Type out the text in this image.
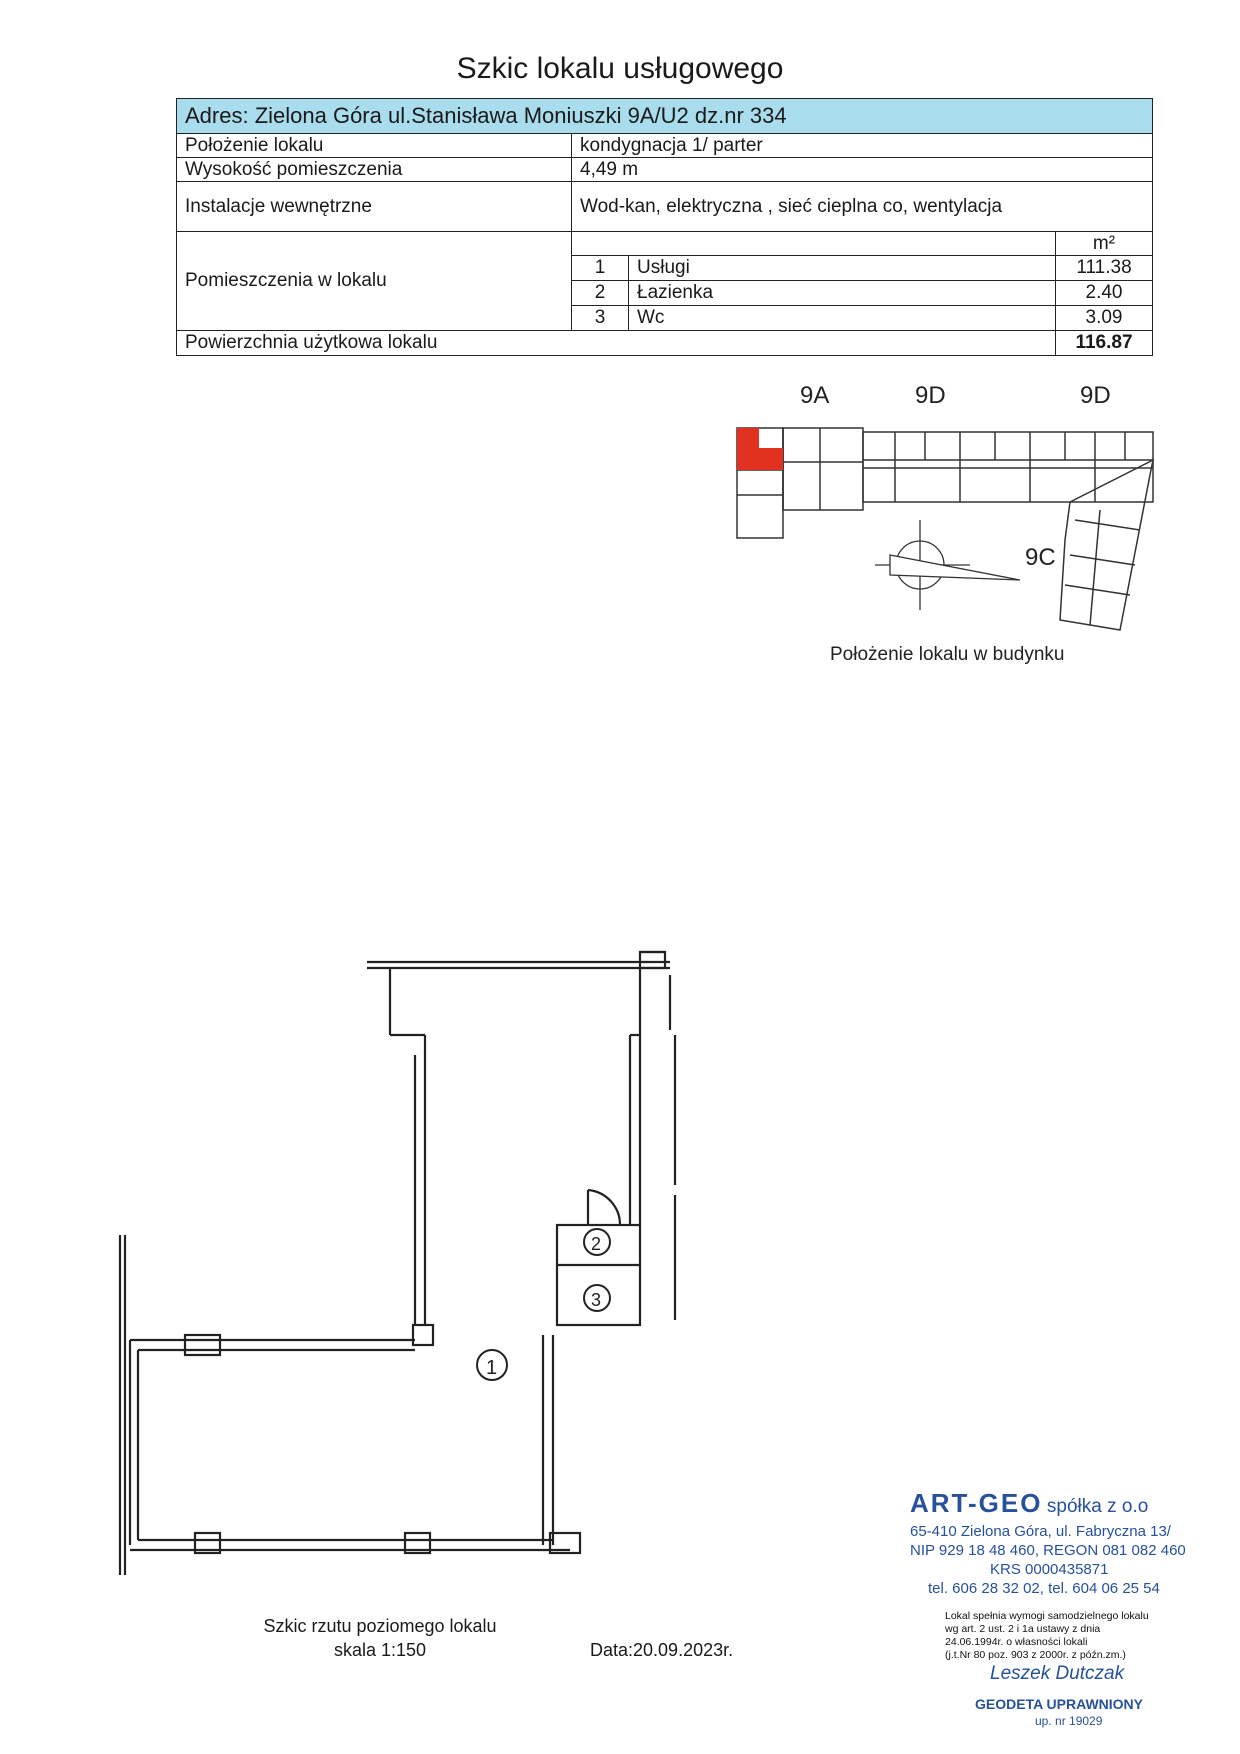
Szkic lokalu usługowego
Adres: Zielona Góra ul.Stanisława Moniuszki 9A/U2 dz.nr 334			
Położenie lokalu	kondygnacja 1/ parter		
Wysokość pomieszczenia	4,49 m		
Instalacje wewnętrzne	Wod-kan, elektryczna , sieć cieplna co, wentylacja		
Pomieszczenia w lokalu			m²
	1	Usługi	111.38
	2	Łazienka	2.40
	3	Wc	3.09
Powierzchnia użytkowa lokalu			116.87
9A	9D	9D
9C
Położenie lokalu w budynku
1
2
3
Szkic rzutu poziomego lokalu
skala 1:150	Data:20.09.2023r.
ART-GEO spółka z o.o
65-410 Zielona Góra, ul. Fabryczna 13/
NIP 929 18 48 460, REGON 081 082 460
KRS 0000435871
tel. 606 28 32 02, tel. 604 06 25 54
Lokal spełnia wymogi samodzielnego lokalu
wg art. 2 ust. 2 i 1a ustawy z dnia
24.06.1994r. o własności lokali
(j.t.Nr 80 poz. 903 z 2000r. z późn.zm.)
Leszek Dutczak
GEODETA UPRAWNIONY
up. nr 19029
